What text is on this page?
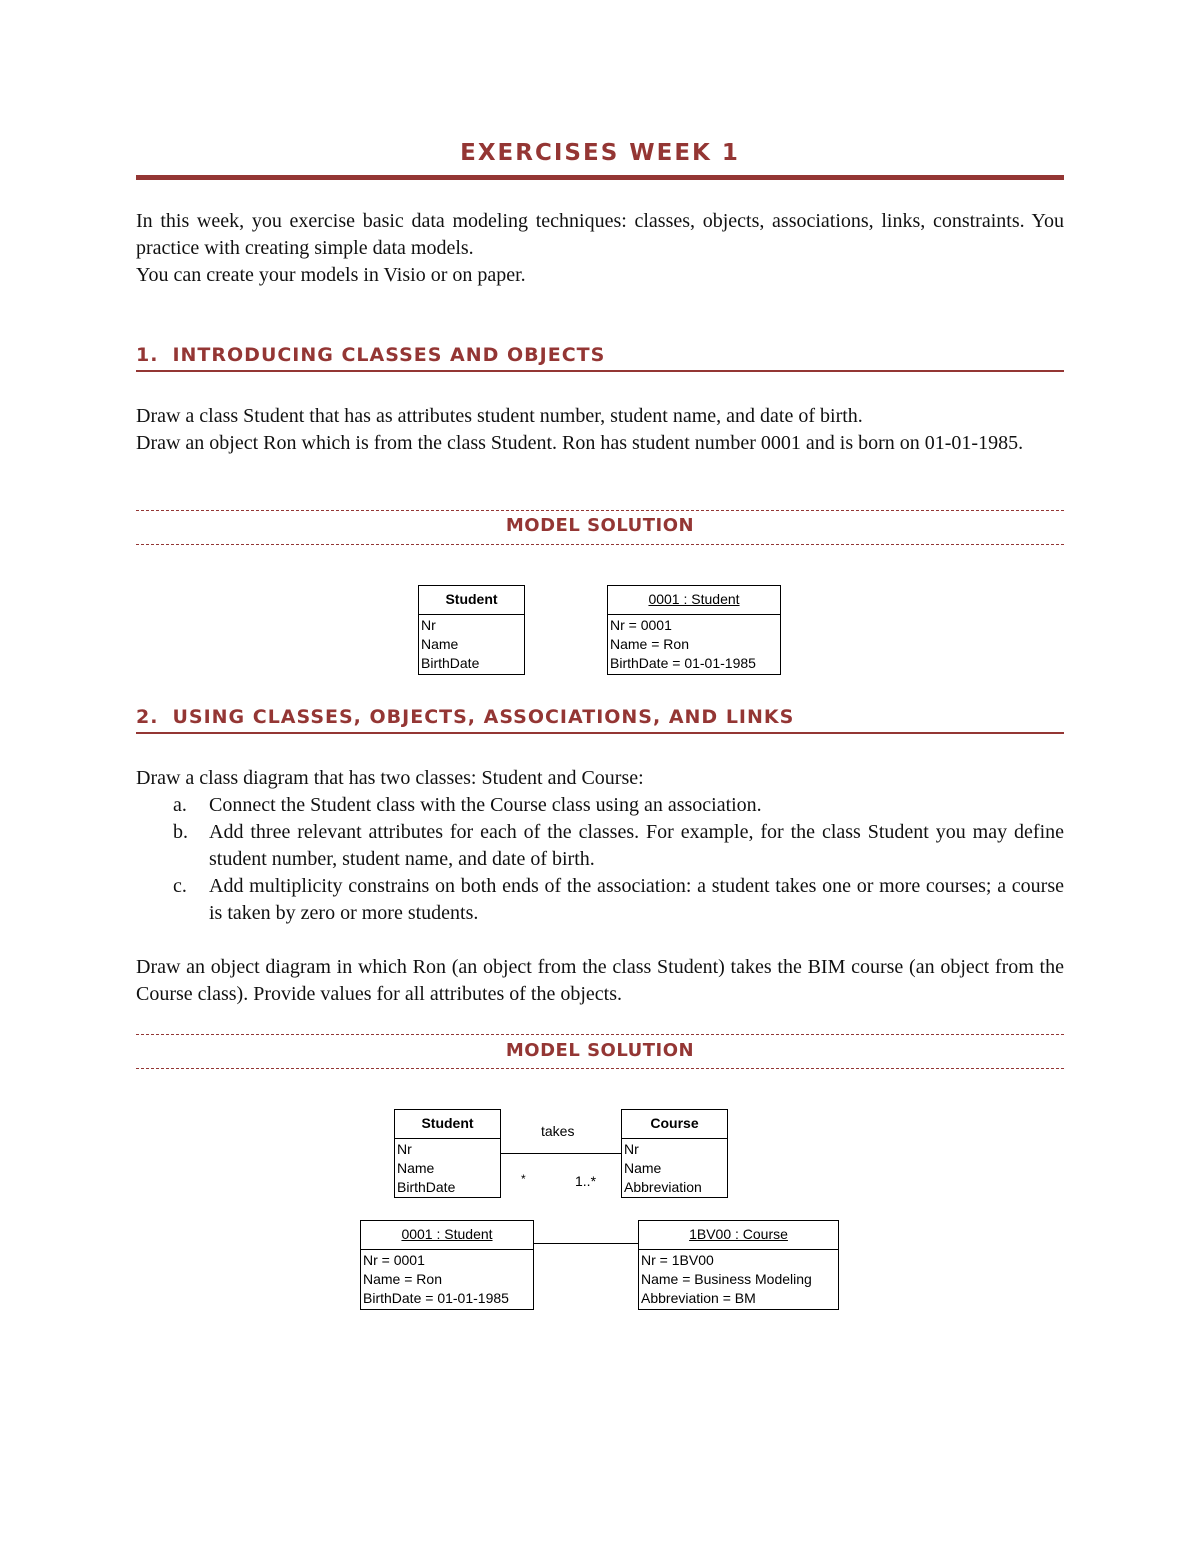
EXERCISES WEEK 1

In this week, you exercise basic data modeling techniques: classes, objects, associations, links, constraints. You practice with creating simple data models.

You can create your models in Visio or on paper.

1. INTRODUCING CLASSES AND OBJECTS

Draw a class Student that has as attributes student number, student name, and date of birth.

Draw an object Ron which is from the class Student. Ron has student number 0001 and is born on 01-01-1985.

MODEL SOLUTION
Student
Nr
Name
BirthDate
0001 : Student
Nr = 0001
Name = Ron
BirthDate = 01-01-1985
2. USING CLASSES, OBJECTS, ASSOCIATIONS, AND LINKS
Draw a class diagram that has two classes: Student and Course:
a. Connect the Student class with the Course class using an association.
b. Add three relevant attributes for each of the classes. For example, for the class Student you may define student number, student name, and date of birth.
c. Add multiplicity constrains on both ends of the association: a student takes one or more courses; a course is taken by zero or more students.
Draw an object diagram in which Ron (an object from the class Student) takes the BIM course (an object from the Course class). Provide values for all attributes of the objects.
MODEL SOLUTION
Student
Nr
Name
BirthDate
Course
Nr
Name
Abbreviation
takes
*	1..*
0001 : Student
Nr = 0001
Name = Ron
BirthDate = 01-01-1985
1BV00 : Course
Nr = 1BV00
Name = Business Modeling
Abbreviation = BM
